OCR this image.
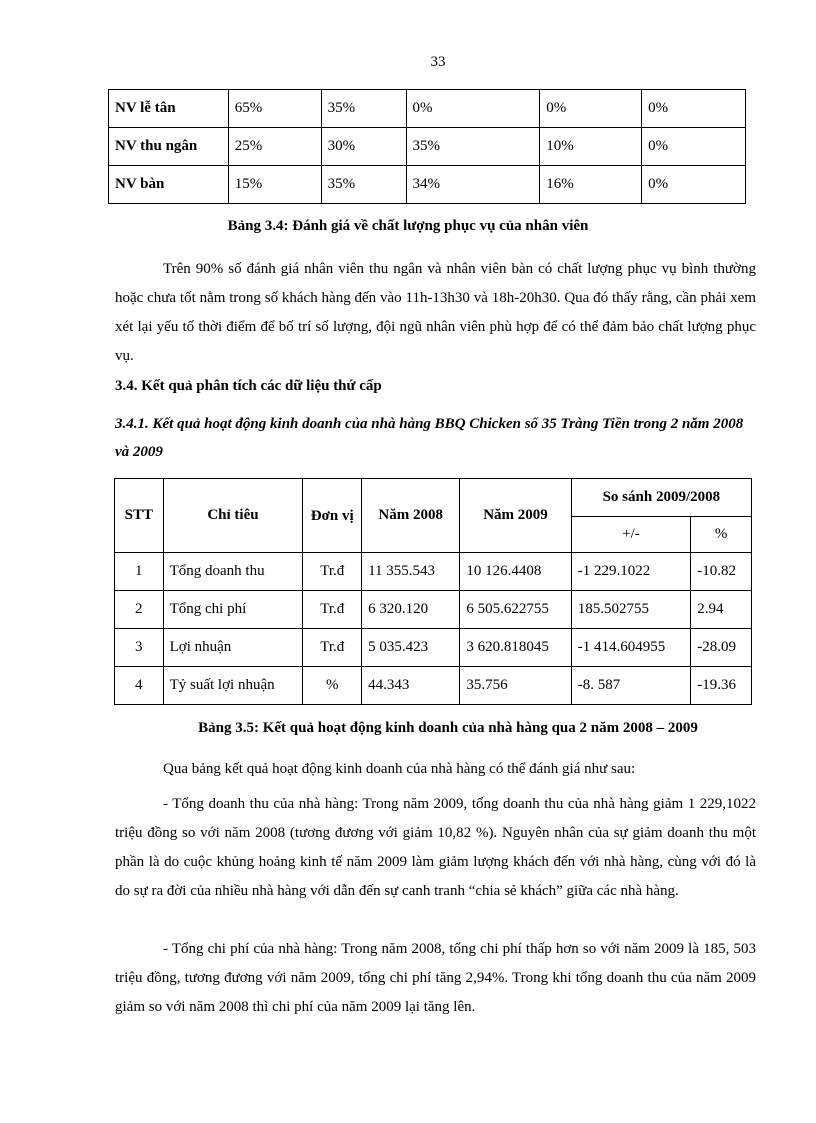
33
NV lễ tân	65%	35%	0%	0%	0%
NV thu ngân	25%	30%	35%	10%	0%
NV bàn	15%	35%	34%	16%	0%
Bảng 3.4: Đánh giá về chất lượng phục vụ của nhân viên
Trên 90% số đánh giá nhân viên thu ngân và nhân viên bàn có chất lượng phục vụ bình thường hoặc chưa tốt nằm trong số khách hàng đến vào 11h-13h30 và 18h-20h30. Qua đó thấy rằng, cần phải xem xét lại yếu tố thời điểm để bố trí số lượng, đội ngũ nhân viên phù hợp để có thể đảm bảo chất lượng phục vụ.
3.4. Kết quả phân tích các dữ liệu thứ cấp
3.4.1. Kết quả hoạt động kinh doanh của nhà hàng BBQ Chicken số 35 Tràng Tiền trong 2 năm 2008 và 2009
STT	Chỉ tiêu	Đơn vị	Năm 2008	Năm 2009	So sánh 2009/2008	
					+/-	%
1	Tổng doanh thu	Tr.đ	11 355.543	10 126.4408	-1 229.1022	-10.82
2	Tổng chi phí	Tr.đ	6 320.120	6 505.622755	185.502755	2.94
3	Lợi nhuận	Tr.đ	5 035.423	3 620.818045	-1 414.604955	-28.09
4	Tỷ suất lợi nhuận	%	44.343	35.756	-8. 587	-19.36
Bảng 3.5: Kết quả hoạt động kinh doanh của nhà hàng qua 2 năm 2008 – 2009
Qua bảng kết quả hoạt động kinh doanh của nhà hàng có thể đánh giá như sau:
- Tổng doanh thu của nhà hàng: Trong năm 2009, tổng doanh thu của nhà hàng giảm 1 229,1022 triệu đồng so với năm 2008 (tương đương với giảm 10,82 %). Nguyên nhân của sự giảm doanh thu một phần là do cuộc khủng hoảng kinh tế năm 2009 làm giảm lượng khách đến với nhà hàng, cùng với đó là do sự ra đời của nhiều nhà hàng với dẫn đến sự canh tranh “chia sẻ khách” giữa các nhà hàng.
- Tổng chi phí của nhà hàng: Trong năm 2008, tổng chi phí thấp hơn so với năm 2009 là 185, 503 triệu đồng, tương đương với năm 2009, tổng chi phí tăng 2,94%. Trong khi tổng doanh thu của năm 2009 giảm so với năm 2008 thì chi phí của năm 2009 lại tăng lên.
